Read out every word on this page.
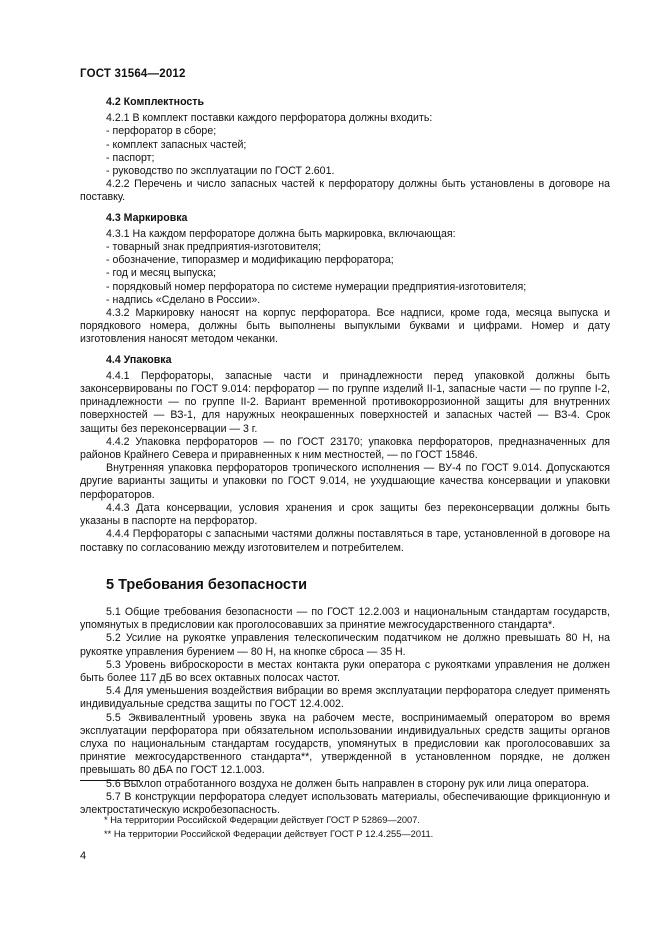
ГОСТ 31564—2012
4.2 Комплектность

4.2.1 В комплект поставки каждого перфоратора должны входить:

- перфоратор в сборе;

- комплект запасных частей;

- паспорт;

- руководство по эксплуатации по ГОСТ 2.601.

4.2.2 Перечень и число запасных частей к перфоратору должны быть установлены в договоре на поставку.

4.3 Маркировка

4.3.1 На каждом перфораторе должна быть маркировка, включающая:

- товарный знак предприятия-изготовителя;

- обозначение, типоразмер и модификацию перфоратора;

- год и месяц выпуска;

- порядковый номер перфоратора по системе нумерации предприятия-изготовителя;

- надпись «Сделано в России».

4.3.2 Маркировку наносят на корпус перфоратора. Все надписи, кроме года, месяца выпуска и порядкового номера, должны быть выполнены выпуклыми буквами и цифрами. Номер и дату изготовления наносят методом чеканки.

4.4 Упаковка

4.4.1 Перфораторы, запасные части и принадлежности перед упаковкой должны быть законсервированы по ГОСТ 9.014: перфоратор — по группе изделий II-1, запасные части — по группе I-2, принадлежности — по группе II-2. Вариант временной противокоррозионной защиты для внутренних поверхностей — ВЗ-1, для наружных неокрашенных поверхностей и запасных частей — ВЗ-4. Срок защиты без переконсервации — 3 г.

4.4.2 Упаковка перфораторов — по ГОСТ 23170; упаковка перфораторов, предназначенных для районов Крайнего Севера и приравненных к ним местностей, — по ГОСТ 15846.

Внутренняя упаковка перфораторов тропического исполнения — ВУ-4 по ГОСТ 9.014. Допускаются другие варианты защиты и упаковки по ГОСТ 9.014, не ухудшающие качества консервации и упаковки перфораторов.

4.4.3 Дата консервации, условия хранения и срок защиты без переконсервации должны быть указаны в паспорте на перфоратор.

4.4.4 Перфораторы с запасными частями должны поставляться в таре, установленной в договоре на поставку по согласованию между изготовителем и потребителем.

5 Требования безопасности

5.1 Общие требования безопасности — по ГОСТ 12.2.003 и национальным стандартам государств, упомянутых в предисловии как проголосовавших за принятие межгосударственного стандарта*.

5.2 Усилие на рукоятке управления телескопическим податчиком не должно превышать 80 Н, на рукоятке управления бурением — 80 Н, на кнопке сброса — 35 Н.

5.3 Уровень виброскорости в местах контакта руки оператора с рукоятками управления не должен быть более 117 дБ во всех октавных полосах частот.

5.4 Для уменьшения воздействия вибрации во время эксплуатации перфоратора следует применять индивидуальные средства защиты по ГОСТ 12.4.002.

5.5 Эквивалентный уровень звука на рабочем месте, воспринимаемый оператором во время эксплуатации перфоратора при обязательном использовании индивидуальных средств защиты органов слуха по национальным стандартам государств, упомянутых в предисловии как проголосовавших за принятие межгосударственного стандарта**, утвержденной в установленном порядке, не должен превышать 80 дБА по ГОСТ 12.1.003.

5.6 Выхлоп отработанного воздуха не должен быть направлен в сторону рук или лица оператора.

5.7 В конструкции перфоратора следует использовать материалы, обеспечивающие фрикционную и электростатическую искробезопасность.

* На территории Российской Федерации действует ГОСТ Р 52869—2007.
** На территории Российской Федерации действует ГОСТ Р 12.4.255—2011.
4
